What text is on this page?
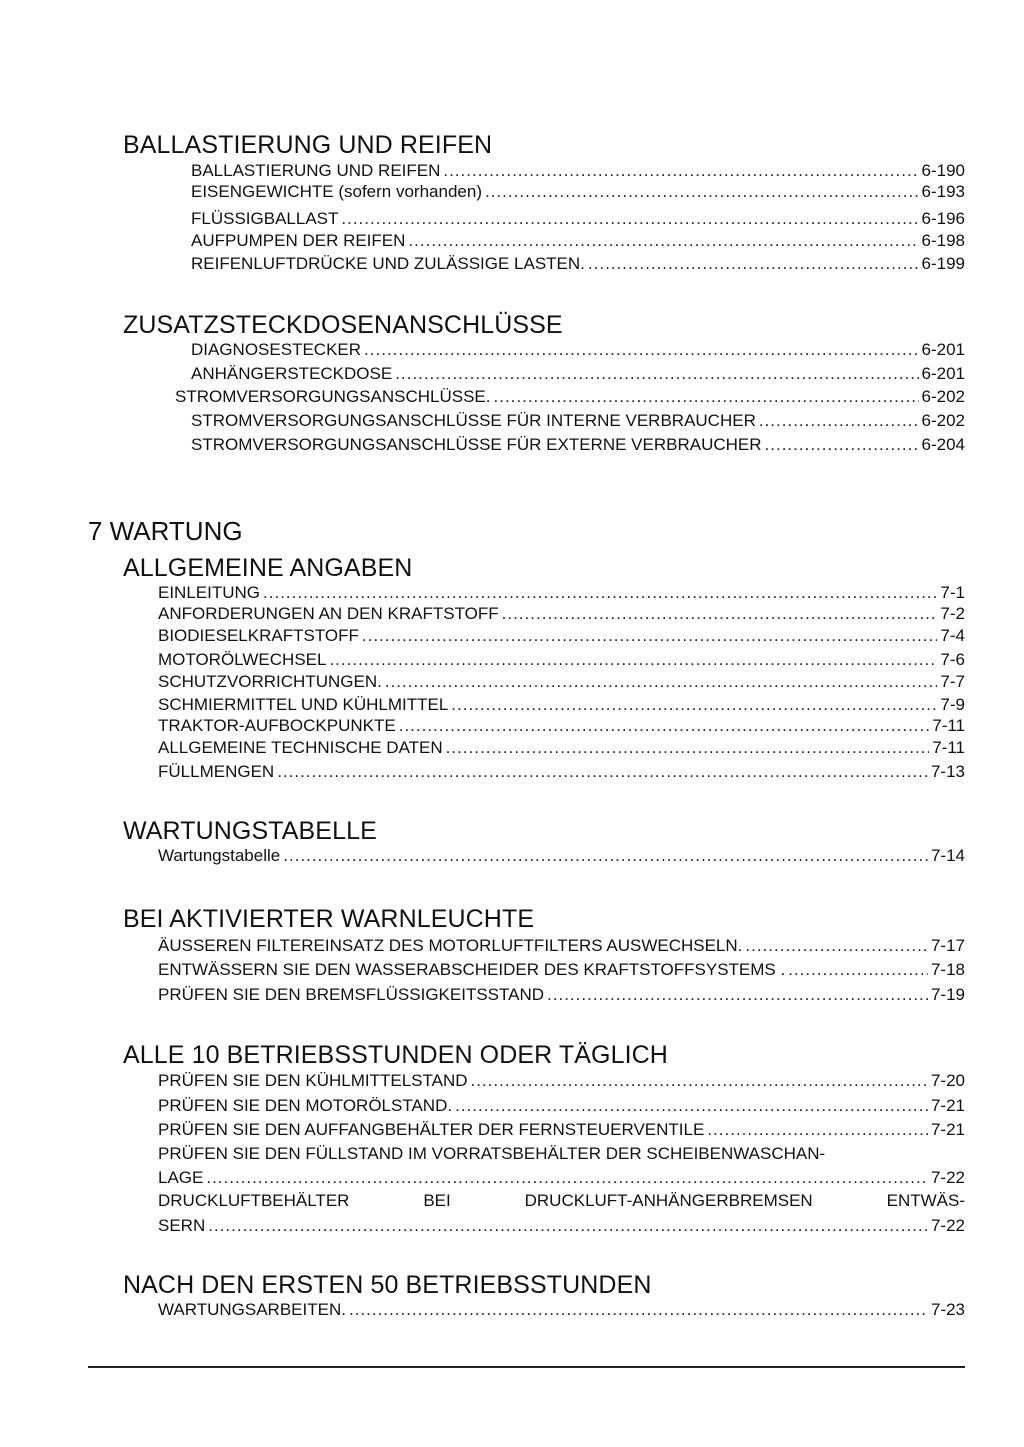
BALLASTIERUNG UND REIFEN
BALLASTIERUNG UND REIFEN .....	6-190
EISENGEWICHTE (sofern vorhanden) .....	6-193
FLÜSSIGBALLAST .....	6-196
AUFPUMPEN DER REIFEN .....	6-198
REIFENLUFTDRÜCKE UND ZULÄSSIGE LASTEN. .....	6-199
ZUSATZSTECKDOSENANSCHLÜSSE
DIAGNOSESTECKER .....	6-201
ANHÄNGERSTECKDOSE .....	6-201
STROMVERSORGUNGSANSCHLÜSSE. .....	6-202
STROMVERSORGUNGSANSCHLÜSSE FÜR INTERNE VERBRAUCHER .....	6-202
STROMVERSORGUNGSANSCHLÜSSE FÜR EXTERNE VERBRAUCHER .....	6-204
7 WARTUNG
ALLGEMEINE ANGABEN
EINLEITUNG .....	7-1
ANFORDERUNGEN AN DEN KRAFTSTOFF .....	7-2
BIODIESELKRAFTSTOFF .....	7-4
MOTORÖLWECHSEL .....	7-6
SCHUTZVORRICHTUNGEN. .....	7-7
SCHMIERMITTEL UND KÜHLMITTEL .....	7-9
TRAKTOR-AUFBOCKPUNKTE .....	7-11
ALLGEMEINE TECHNISCHE DATEN .....	7-11
FÜLLMENGEN .....	7-13
WARTUNGSTABELLE
Wartungstabelle .....	7-14
BEI AKTIVIERTER WARNLEUCHTE
ÄUSSEREN FILTEREINSATZ DES MOTORLUFTFILTERS AUSWECHSELN. .....	7-17
ENTWÄSSERN SIE DEN WASSERABSCHEIDER DES KRAFTSTOFFSYSTEMS . .....	7-18
PRÜFEN SIE DEN BREMSFLÜSSIGKEITSSTAND .....	7-19
ALLE 10 BETRIEBSSTUNDEN ODER TÄGLICH
PRÜFEN SIE DEN KÜHLMITTELSTAND .....	7-20
PRÜFEN SIE DEN MOTORÖLSTAND. .....	7-21
PRÜFEN SIE DEN AUFFANGBEHÄLTER DER FERNSTEUERVENTILE .....	7-21
PRÜFEN SIE DEN FÜLLSTAND IM VORRATSBEHÄLTER DER SCHEIBENWASCHAN-
LAGE .....	7-22
DRUCKLUFTBEHÄLTER	BEI	DRUCKLUFT-ANHÄNGERBREMSEN	ENTWÄS-
SERN .....	7-22
NACH DEN ERSTEN 50 BETRIEBSSTUNDEN
WARTUNGSARBEITEN. .....	7-23
